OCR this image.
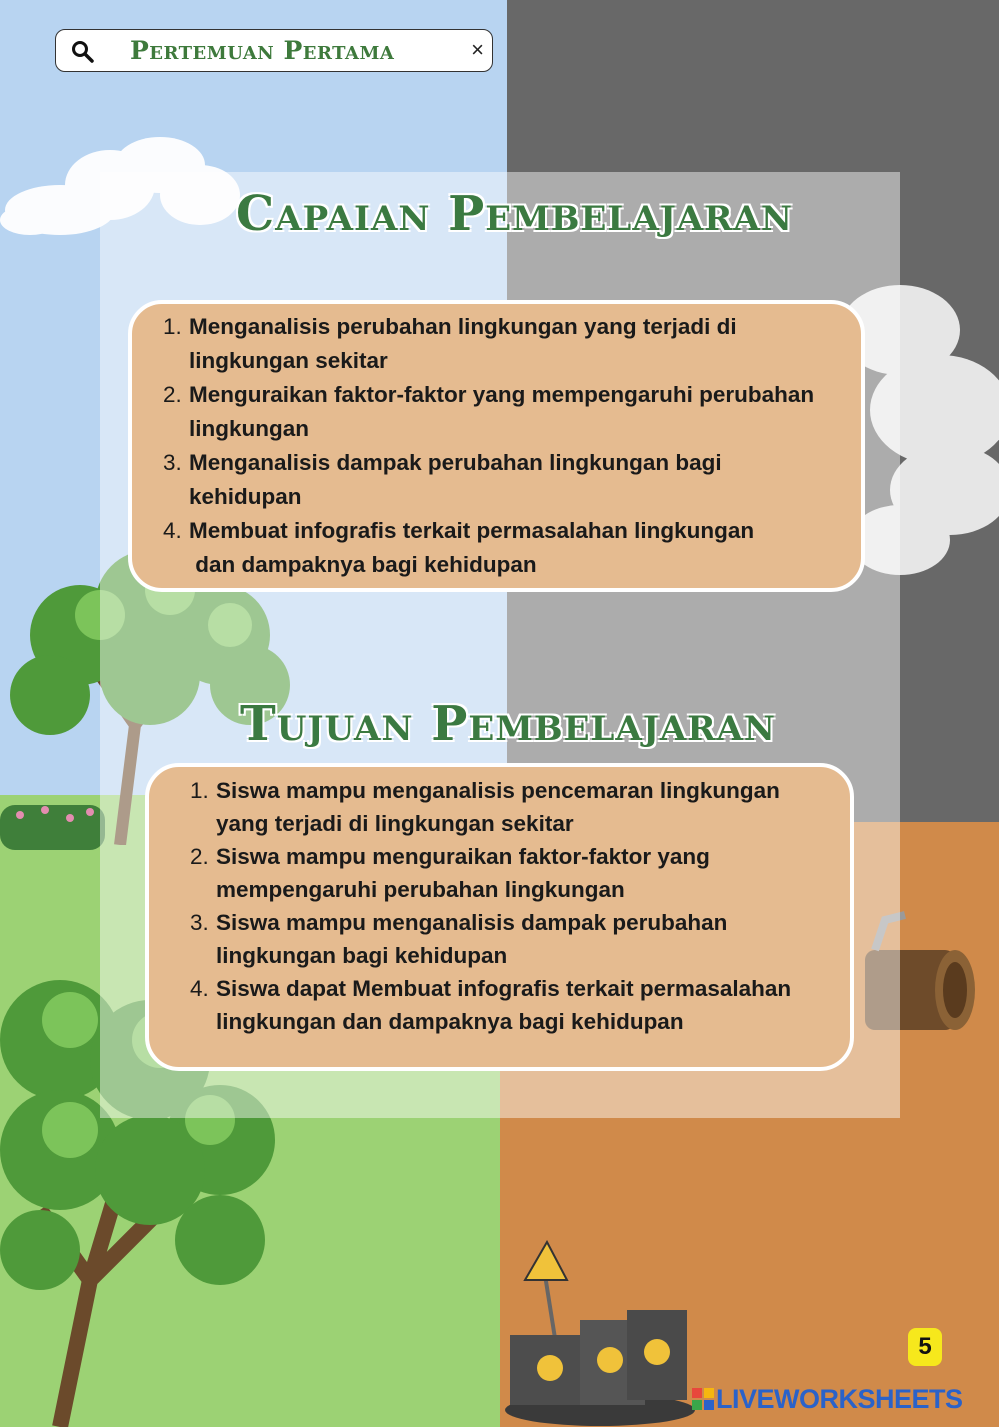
Pertemuan Pertama	×
Capaian Pembelajaran
1. Menganalisis perubahan lingkungan yang terjadi di
lingkungan sekitar
2. Menguraikan faktor-faktor yang mempengaruhi perubahan
lingkungan
3. Menganalisis dampak perubahan lingkungan bagi
kehidupan
4. Membuat infografis terkait permasalahan lingkungan
dan dampaknya bagi kehidupan
Tujuan Pembelajaran
1. Siswa mampu menganalisis pencemaran lingkungan
yang terjadi di lingkungan sekitar
2. Siswa mampu menguraikan faktor-faktor yang
mempengaruhi perubahan lingkungan
3. Siswa mampu menganalisis dampak perubahan
lingkungan bagi kehidupan
4. Siswa dapat Membuat infografis terkait permasalahan
lingkungan dan dampaknya bagi kehidupan
5
LIVEWORKSHEETS
